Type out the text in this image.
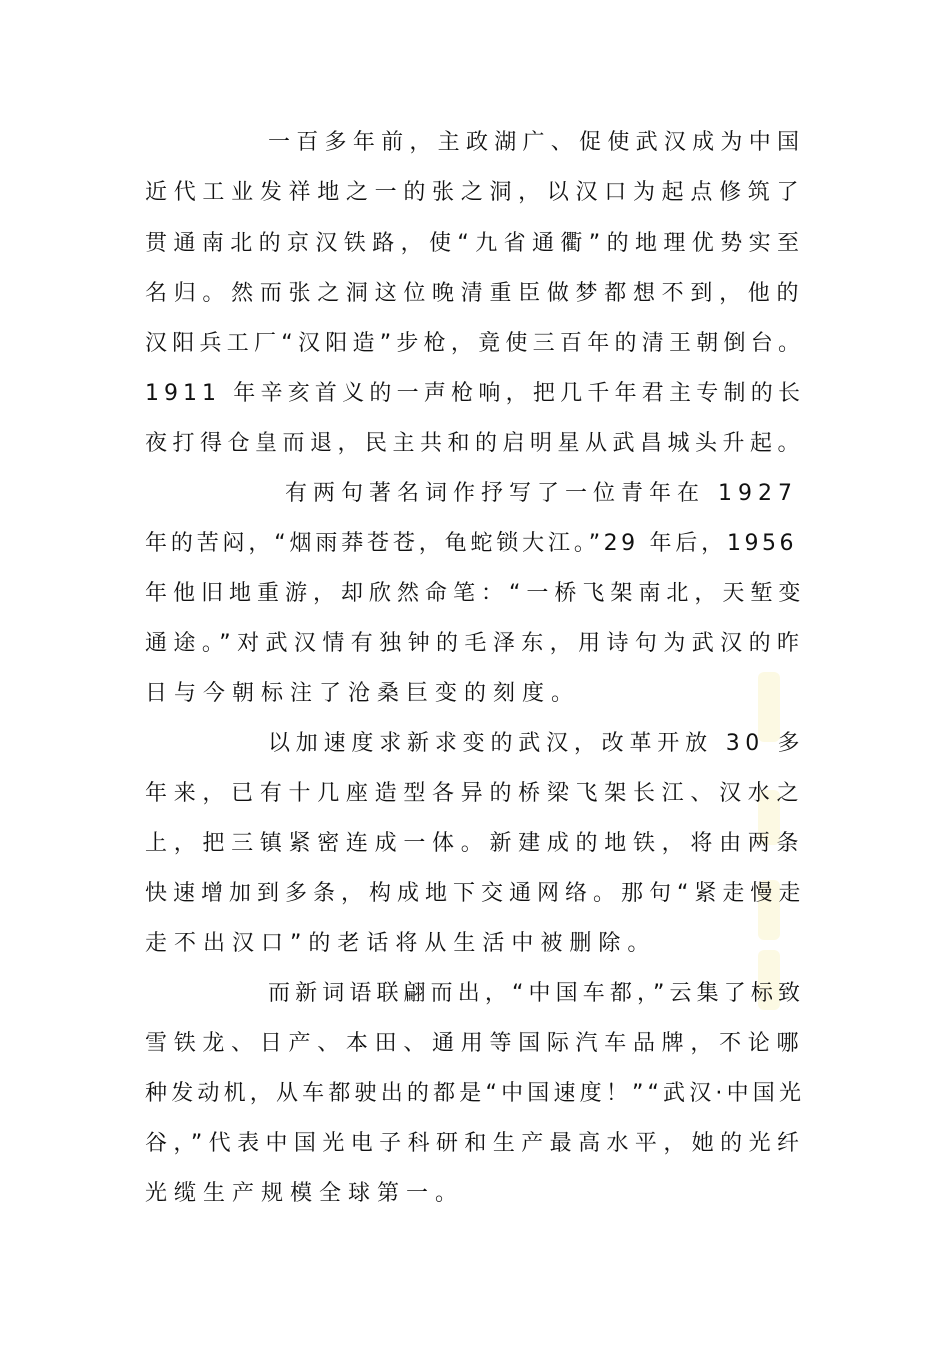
一百多年前，主政湖广、促使武汉成为中国
近代工业发祥地之一的张之洞，以汉口为起点修筑了
贯通南北的京汉铁路，使“九省通衢”的地理优势实至
名归。然而张之洞这位晚清重臣做梦都想不到，他的
汉阳兵工厂“汉阳造”步枪，竟使三百年的清王朝倒台。
1911 年辛亥首义的一声枪响，把几千年君主专制的长
夜打得仓皇而退，民主共和的启明星从武昌城头升起。
有两句著名词作抒写了一位青年在 1927
年的苦闷，“烟雨莽苍苍，龟蛇锁大江。”29 年后，1956
年他旧地重游，却欣然命笔：“一桥飞架南北，天堑变
通途。”对武汉情有独钟的毛泽东，用诗句为武汉的昨
日与今朝标注了沧桑巨变的刻度。
以加速度求新求变的武汉，改革开放 30 多
年来，已有十几座造型各异的桥梁飞架长江、汉水之
上，把三镇紧密连成一体。新建成的地铁，将由两条
快速增加到多条，构成地下交通网络。那句“紧走慢走
走不出汉口”的老话将从生活中被删除。
而新词语联翩而出，“中国车都，”云集了标致
雪铁龙、日产、本田、通用等国际汽车品牌，不论哪
种发动机，从车都驶出的都是“中国速度！”“武汉·中国光
谷，”代表中国光电子科研和生产最高水平，她的光纤
光缆生产规模全球第一。
